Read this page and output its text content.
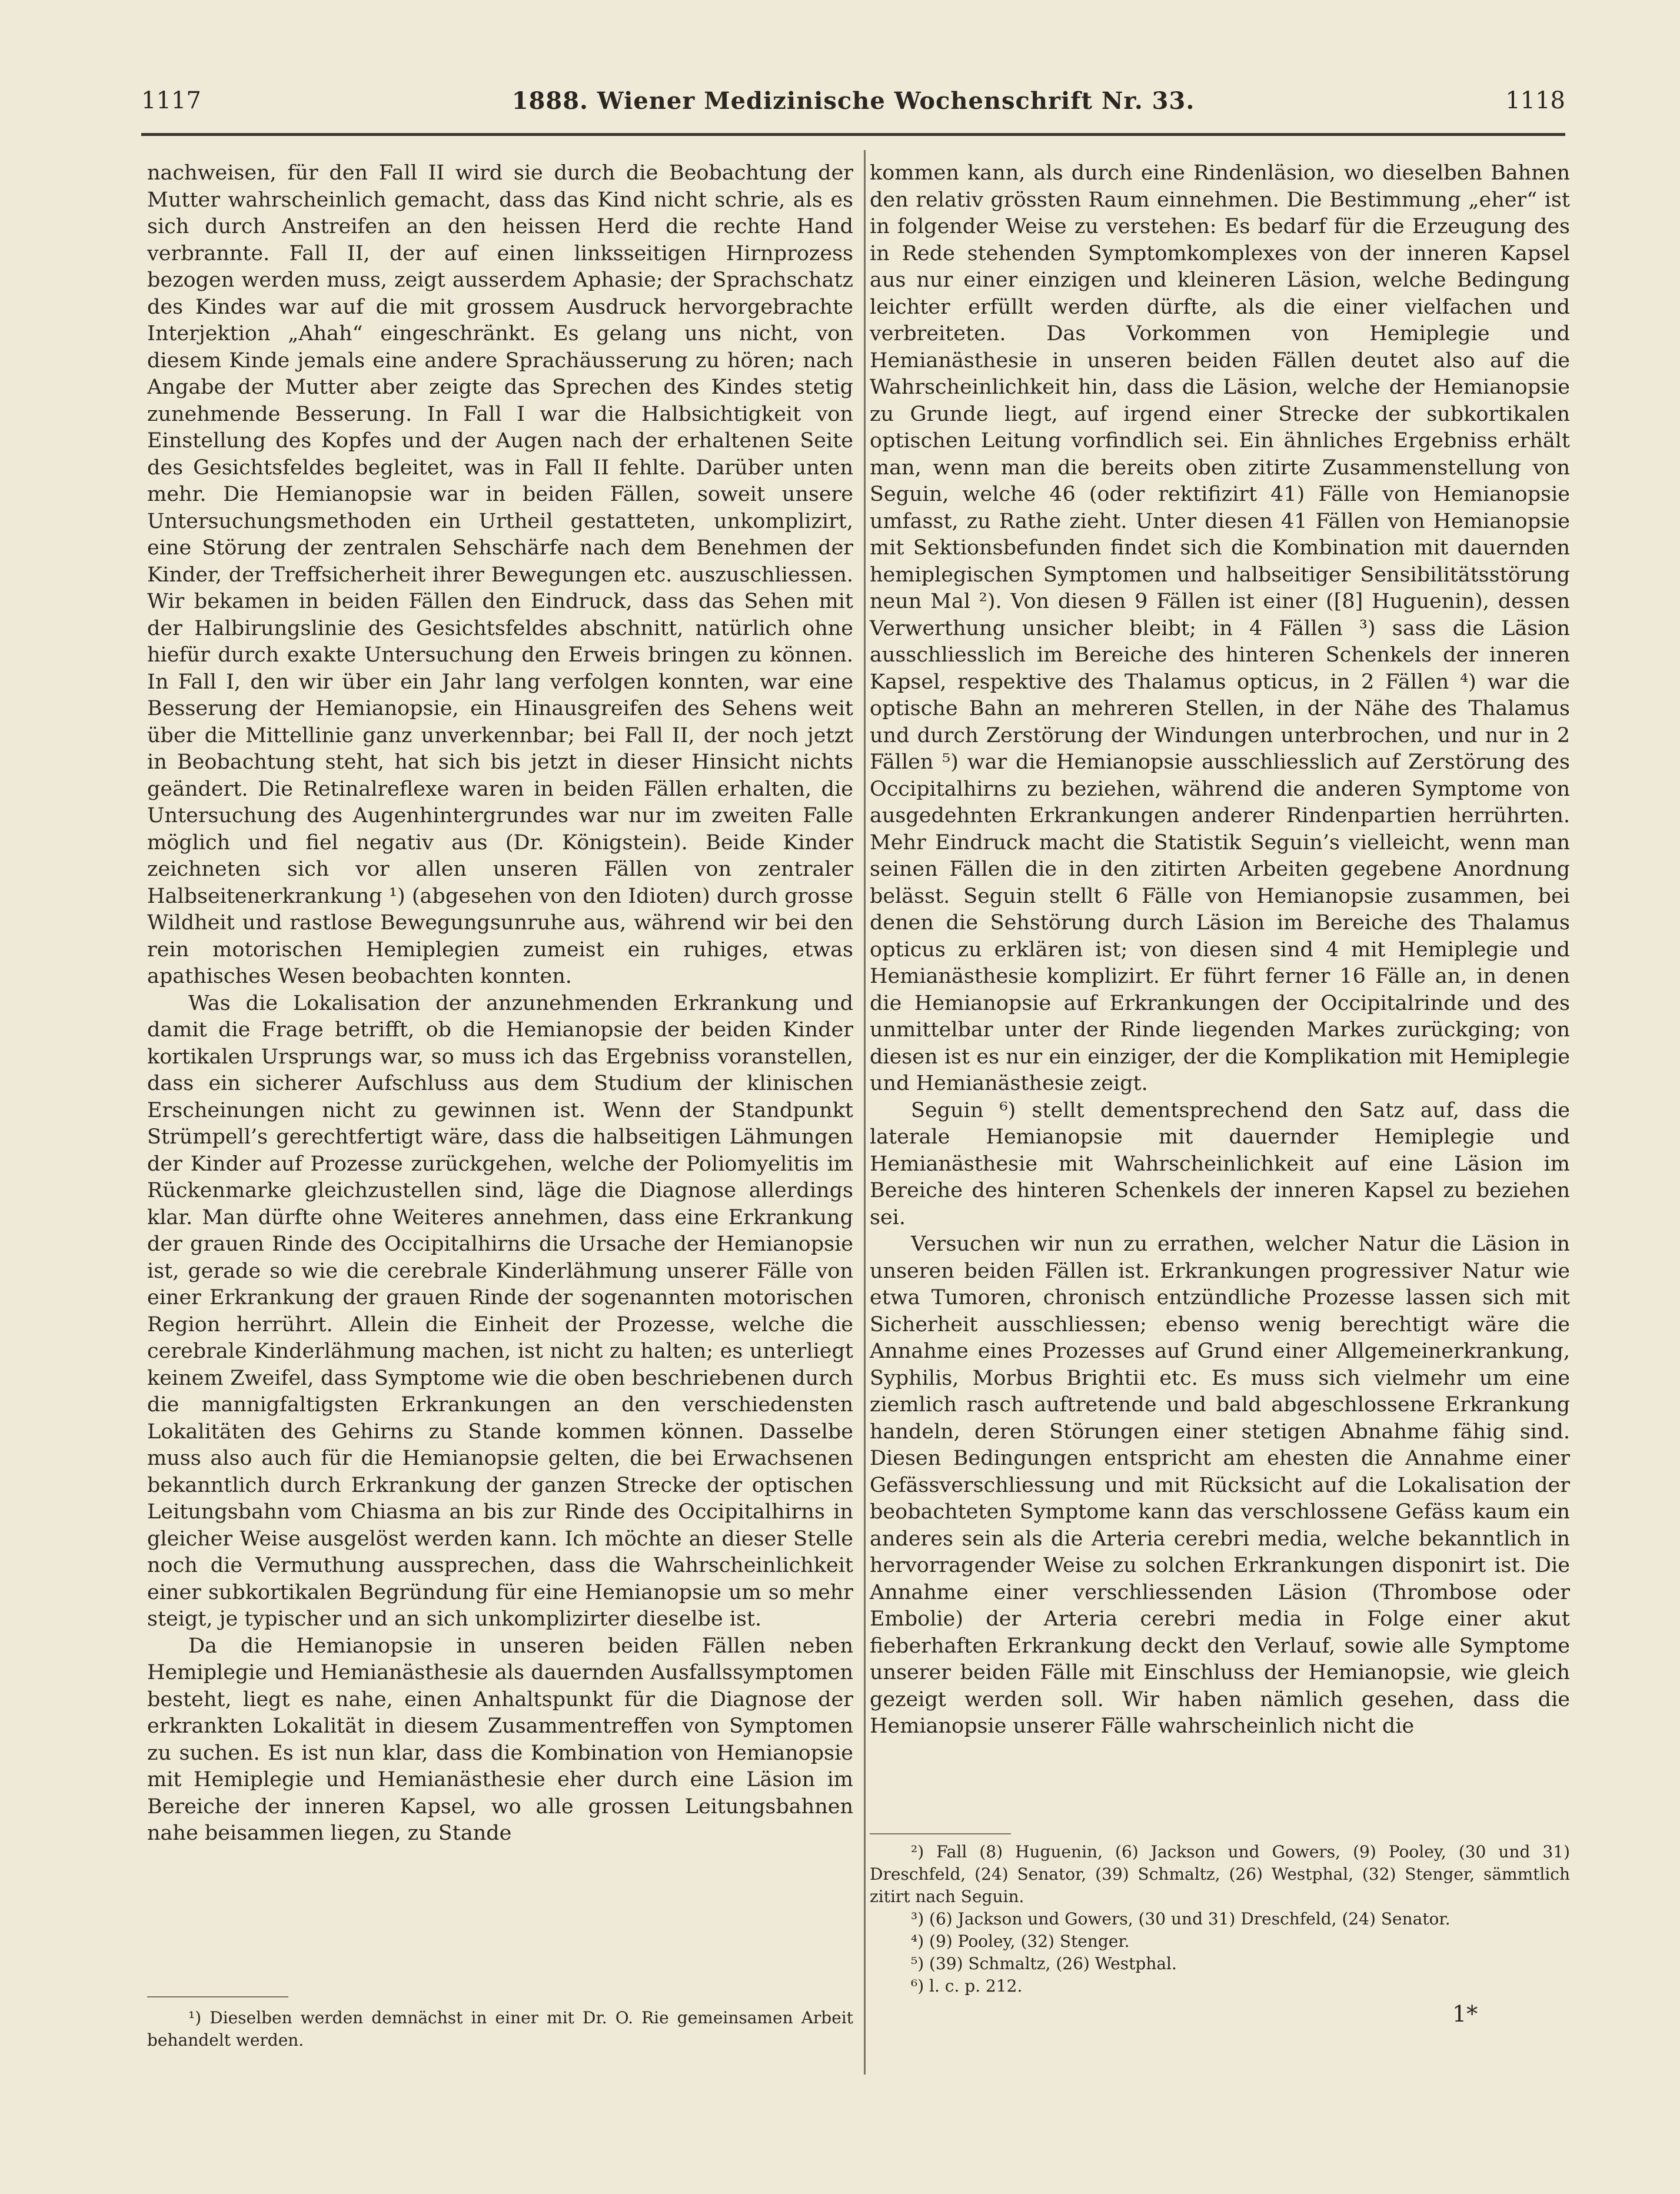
1117	1888. Wiener Medizinische Wochenschrift Nr. 33.	1118

nachweisen, für den Fall II wird sie durch die Beobachtung der Mutter wahrscheinlich gemacht, dass das Kind nicht schrie, als es sich durch Anstreifen an den heissen Herd die rechte Hand verbrannte. Fall II, der auf einen linksseitigen Hirnprozess bezogen werden muss, zeigt ausserdem Aphasie; der Sprachschatz des Kindes war auf die mit grossem Ausdruck hervorgebrachte Interjektion „Ahah“ eingeschränkt. Es gelang uns nicht, von diesem Kinde jemals eine andere Sprachäusserung zu hören; nach Angabe der Mutter aber zeigte das Sprechen des Kindes stetig zunehmende Besserung. In Fall I war die Halbsichtigkeit von Einstellung des Kopfes und der Augen nach der erhaltenen Seite des Gesichtsfeldes begleitet, was in Fall II fehlte. Darüber unten mehr. Die Hemianopsie war in beiden Fällen, soweit unsere Untersuchungsmethoden ein Urtheil gestatteten, unkomplizirt, eine Störung der zentralen Sehschärfe nach dem Benehmen der Kinder, der Treffsicherheit ihrer Bewegungen etc. auszuschliessen. Wir bekamen in beiden Fällen den Eindruck, dass das Sehen mit der Halbirungslinie des Gesichtsfeldes abschnitt, natürlich ohne hiefür durch exakte Untersuchung den Erweis bringen zu können. In Fall I, den wir über ein Jahr lang verfolgen konnten, war eine Besserung der Hemianopsie, ein Hinausgreifen des Sehens weit über die Mittellinie ganz unverkennbar; bei Fall II, der noch jetzt in Beobachtung steht, hat sich bis jetzt in dieser Hinsicht nichts geändert. Die Retinalreflexe waren in beiden Fällen erhalten, die Untersuchung des Augenhintergrundes war nur im zweiten Falle möglich und fiel negativ aus (Dr. Königstein). Beide Kinder zeichneten sich vor allen unseren Fällen von zentraler Halbseitenerkrankung ¹) (abgesehen von den Idioten) durch grosse Wildheit und rastlose Bewegungsunruhe aus, während wir bei den rein motorischen Hemiplegien zumeist ein ruhiges, etwas apathisches Wesen beobachten konnten.

Was die Lokalisation der anzunehmenden Erkrankung und damit die Frage betrifft, ob die Hemianopsie der beiden Kinder kortikalen Ursprungs war, so muss ich das Ergebniss voranstellen, dass ein sicherer Aufschluss aus dem Studium der klinischen Erscheinungen nicht zu gewinnen ist. Wenn der Standpunkt Strümpell’s gerechtfertigt wäre, dass die halbseitigen Lähmungen der Kinder auf Prozesse zurückgehen, welche der Poliomyelitis im Rückenmarke gleichzustellen sind, läge die Diagnose allerdings klar. Man dürfte ohne Weiteres annehmen, dass eine Erkrankung der grauen Rinde des Occipitalhirns die Ursache der Hemianopsie ist, gerade so wie die cerebrale Kinderlähmung unserer Fälle von einer Erkrankung der grauen Rinde der sogenannten motorischen Region herrührt. Allein die Einheit der Prozesse, welche die cerebrale Kinderlähmung machen, ist nicht zu halten; es unterliegt keinem Zweifel, dass Symptome wie die oben beschriebenen durch die mannigfaltigsten Erkrankungen an den verschiedensten Lokalitäten des Gehirns zu Stande kommen können. Dasselbe muss also auch für die Hemianopsie gelten, die bei Erwachsenen bekanntlich durch Erkrankung der ganzen Strecke der optischen Leitungsbahn vom Chiasma an bis zur Rinde des Occipitalhirns in gleicher Weise ausgelöst werden kann. Ich möchte an dieser Stelle noch die Vermuthung aussprechen, dass die Wahrscheinlichkeit einer subkortikalen Begründung für eine Hemianopsie um so mehr steigt, je typischer und an sich unkomplizirter dieselbe ist.

Da die Hemianopsie in unseren beiden Fällen neben Hemiplegie und Hemianästhesie als dauernden Ausfallssymptomen besteht, liegt es nahe, einen Anhaltspunkt für die Diagnose der erkrankten Lokalität in diesem Zusammentreffen von Symptomen zu suchen. Es ist nun klar, dass die Kombination von Hemianopsie mit Hemiplegie und Hemianästhesie eher durch eine Läsion im Bereiche der inneren Kapsel, wo alle grossen Leitungsbahnen nahe beisammen liegen, zu Stande

¹) Dieselben werden demnächst in einer mit Dr. O. Rie gemeinsamen Arbeit behandelt werden.

kommen kann, als durch eine Rindenläsion, wo dieselben Bahnen den relativ grössten Raum einnehmen. Die Bestimmung „eher“ ist in folgender Weise zu verstehen: Es bedarf für die Erzeugung des in Rede stehenden Symptomkomplexes von der inneren Kapsel aus nur einer einzigen und kleineren Läsion, welche Bedingung leichter erfüllt werden dürfte, als die einer vielfachen und verbreiteten. Das Vorkommen von Hemiplegie und Hemianästhesie in unseren beiden Fällen deutet also auf die Wahrscheinlichkeit hin, dass die Läsion, welche der Hemianopsie zu Grunde liegt, auf irgend einer Strecke der subkortikalen optischen Leitung vorfindlich sei. Ein ähnliches Ergebniss erhält man, wenn man die bereits oben zitirte Zusammenstellung von Seguin, welche 46 (oder rektifizirt 41) Fälle von Hemianopsie umfasst, zu Rathe zieht. Unter diesen 41 Fällen von Hemianopsie mit Sektionsbefunden findet sich die Kombination mit dauernden hemiplegischen Symptomen und halbseitiger Sensibilitätsstörung neun Mal ²). Von diesen 9 Fällen ist einer ([8] Huguenin), dessen Verwerthung unsicher bleibt; in 4 Fällen ³) sass die Läsion ausschliesslich im Bereiche des hinteren Schenkels der inneren Kapsel, respektive des Thalamus opticus, in 2 Fällen ⁴) war die optische Bahn an mehreren Stellen, in der Nähe des Thalamus und durch Zerstörung der Windungen unterbrochen, und nur in 2 Fällen ⁵) war die Hemianopsie ausschliesslich auf Zerstörung des Occipitalhirns zu beziehen, während die anderen Symptome von ausgedehnten Erkrankungen anderer Rindenpartien herrührten. Mehr Eindruck macht die Statistik Seguin’s vielleicht, wenn man seinen Fällen die in den zitirten Arbeiten gegebene Anordnung belässt. Seguin stellt 6 Fälle von Hemianopsie zusammen, bei denen die Sehstörung durch Läsion im Bereiche des Thalamus opticus zu erklären ist; von diesen sind 4 mit Hemiplegie und Hemianästhesie komplizirt. Er führt ferner 16 Fälle an, in denen die Hemianopsie auf Erkrankungen der Occipitalrinde und des unmittelbar unter der Rinde liegenden Markes zurückging; von diesen ist es nur ein einziger, der die Komplikation mit Hemiplegie und Hemianästhesie zeigt.

Seguin ⁶) stellt dementsprechend den Satz auf, dass die laterale Hemianopsie mit dauernder Hemiplegie und Hemianästhesie mit Wahrscheinlichkeit auf eine Läsion im Bereiche des hinteren Schenkels der inneren Kapsel zu beziehen sei.

Versuchen wir nun zu errathen, welcher Natur die Läsion in unseren beiden Fällen ist. Erkrankungen progressiver Natur wie etwa Tumoren, chronisch entzündliche Prozesse lassen sich mit Sicherheit ausschliessen; ebenso wenig berechtigt wäre die Annahme eines Prozesses auf Grund einer Allgemeinerkrankung, Syphilis, Morbus Brightii etc. Es muss sich vielmehr um eine ziemlich rasch auftretende und bald abgeschlossene Erkrankung handeln, deren Störungen einer stetigen Abnahme fähig sind. Diesen Bedingungen entspricht am ehesten die Annahme einer Gefässverschliessung und mit Rücksicht auf die Lokalisation der beobachteten Symptome kann das verschlossene Gefäss kaum ein anderes sein als die Arteria cerebri media, welche bekanntlich in hervorragender Weise zu solchen Erkrankungen disponirt ist. Die Annahme einer verschliessenden Läsion (Thrombose oder Embolie) der Arteria cerebri media in Folge einer akut fieberhaften Erkrankung deckt den Verlauf, sowie alle Symptome unserer beiden Fälle mit Einschluss der Hemianopsie, wie gleich gezeigt werden soll. Wir haben nämlich gesehen, dass die Hemianopsie unserer Fälle wahrscheinlich nicht die

²) Fall (8) Huguenin, (6) Jackson und Gowers, (9) Pooley, (30 und 31) Dreschfeld, (24) Senator, (39) Schmaltz, (26) Westphal, (32) Stenger, sämmtlich zitirt nach Seguin.

³) (6) Jackson und Gowers, (30 und 31) Dreschfeld, (24) Senator.

⁴) (9) Pooley, (32) Stenger.

⁵) (39) Schmaltz, (26) Westphal.

⁶) l. c. p. 212.

1*
